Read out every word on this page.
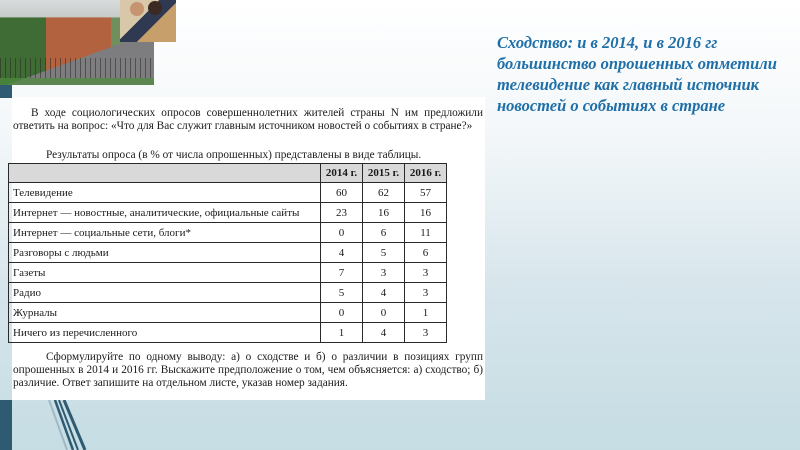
В ходе социологических опросов совершеннолетних жителей страны N им предложили ответить на вопрос: «Что для Вас служит главным источником новостей о событиях в стране?»

Результаты опроса (в % от числа опрошенных) представлены в виде таблицы.
	2014 г.	2015 г.	2016 г.
Телевидение	60	62	57
Интернет — новостные, аналитические, официальные сайты	23	16	16
Интернет — социальные сети, блоги*	0	6	11
Разговоры с людьми	4	5	6
Газеты	7	3	3
Радио	5	4	3
Журналы	0	0	1
Ничего из перечисленного	1	4	3

Сформулируйте по одному выводу: а) о сходстве и б) о различии в позициях групп опрошенных в 2014 и 2016 гг. Выскажите предположение о том, чем объясняется: а) сходство; б) различие. Ответ запишите на отдельном листе, указав номер задания.

Сходство: и в 2014, и в 2016 гг большинство опрошенных отметили телевидение как главный источник новостей о событиях в стране
